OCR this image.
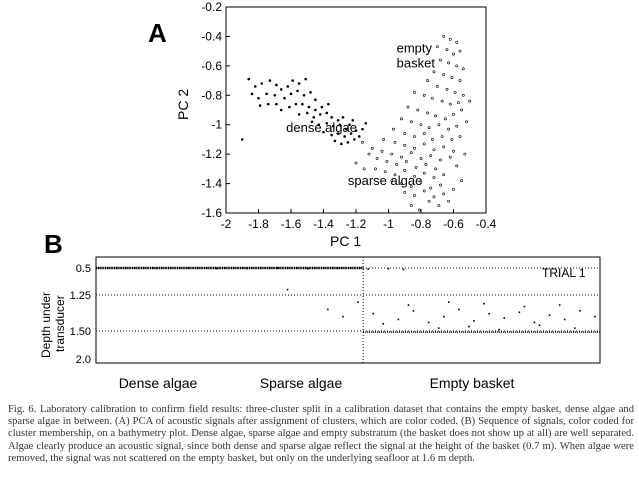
A
-0.2
-0.4
-0.6
-0.8
-1
-1.2
-1.4
-1.6
-2 -1.8 -1.6 -1.4 -1.2 -1 -0.8 -0.6 -0.4
empty
basket
dense algae
sparse algae
PC 1
PC 2
B
0.5
1.25
1.50
2.0
TRIAL 1
Depth under transducer
Dense algae	Sparse algae	Empty basket

Fig. 6. Laboratory calibration to confirm field results: three-cluster split in a calibration dataset that contains the empty basket, dense algae and sparse algae in between. (A) PCA of acoustic signals after assignment of clusters, which are color coded. (B) Sequence of signals, color coded for cluster membership, on a bathymetry plot. Dense algae, sparse algae and empty substratum (the basket does not show up at all) are well separated. Algae clearly produce an acoustic signal, since both dense and sparse algae reflect the signal at the height of the basket (0.7 m). When algae were removed, the signal was not scattered on the empty basket, but only on the underlying seafloor at 1.6 m depth.
